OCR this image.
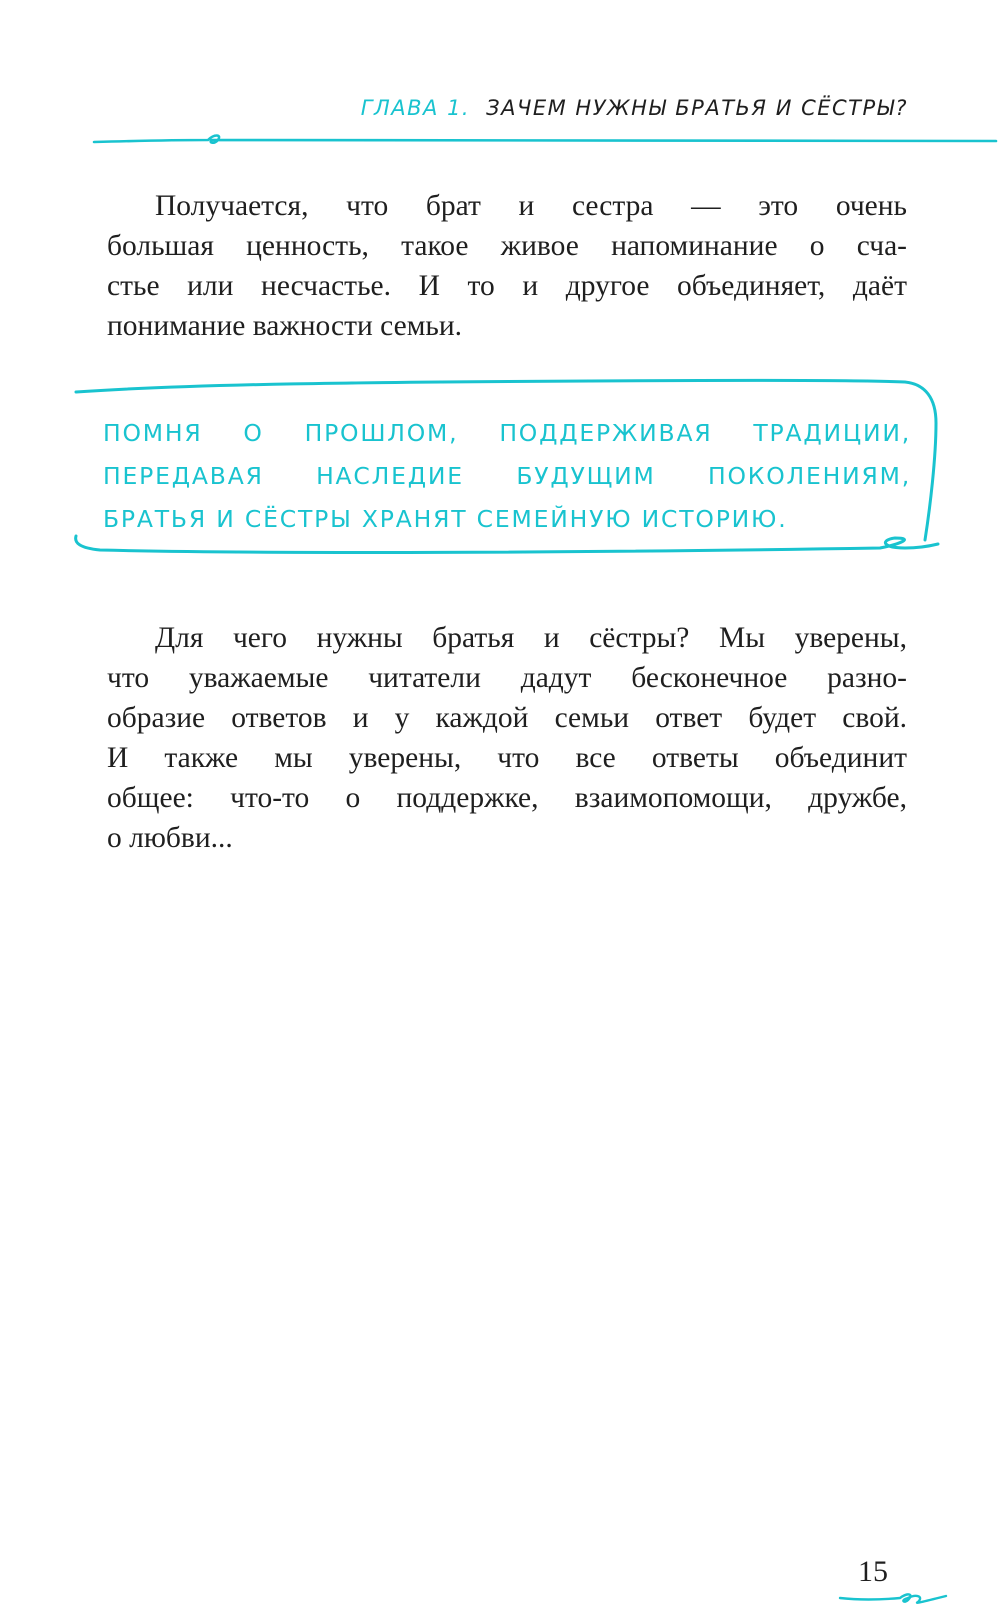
ГЛАВА 1. ЗАЧЕМ НУЖНЫ БРАТЬЯ И СЁСТРЫ?
Получается, что брат и сестра — это очень
большая ценность, такое живое напоминание о сча-
стье или несчастье. И то и другое объединяет, даёт
понимание важности семьи.
ПОМНЯ О ПРОШЛОМ, ПОДДЕРЖИВАЯ ТРАДИЦИИ,
ПЕРЕДАВАЯ НАСЛЕДИЕ БУДУЩИМ ПОКОЛЕНИЯМ,
БРАТЬЯ И СЁСТРЫ ХРАНЯТ СЕМЕЙНУЮ ИСТОРИЮ.
Для чего нужны братья и сёстры? Мы уверены,
что уважаемые читатели дадут бесконечное разно-
образие ответов и у каждой семьи ответ будет свой.
И также мы уверены, что все ответы объединит
общее: что-то о поддержке, взаимопомощи, дружбе,
о любви...
15
